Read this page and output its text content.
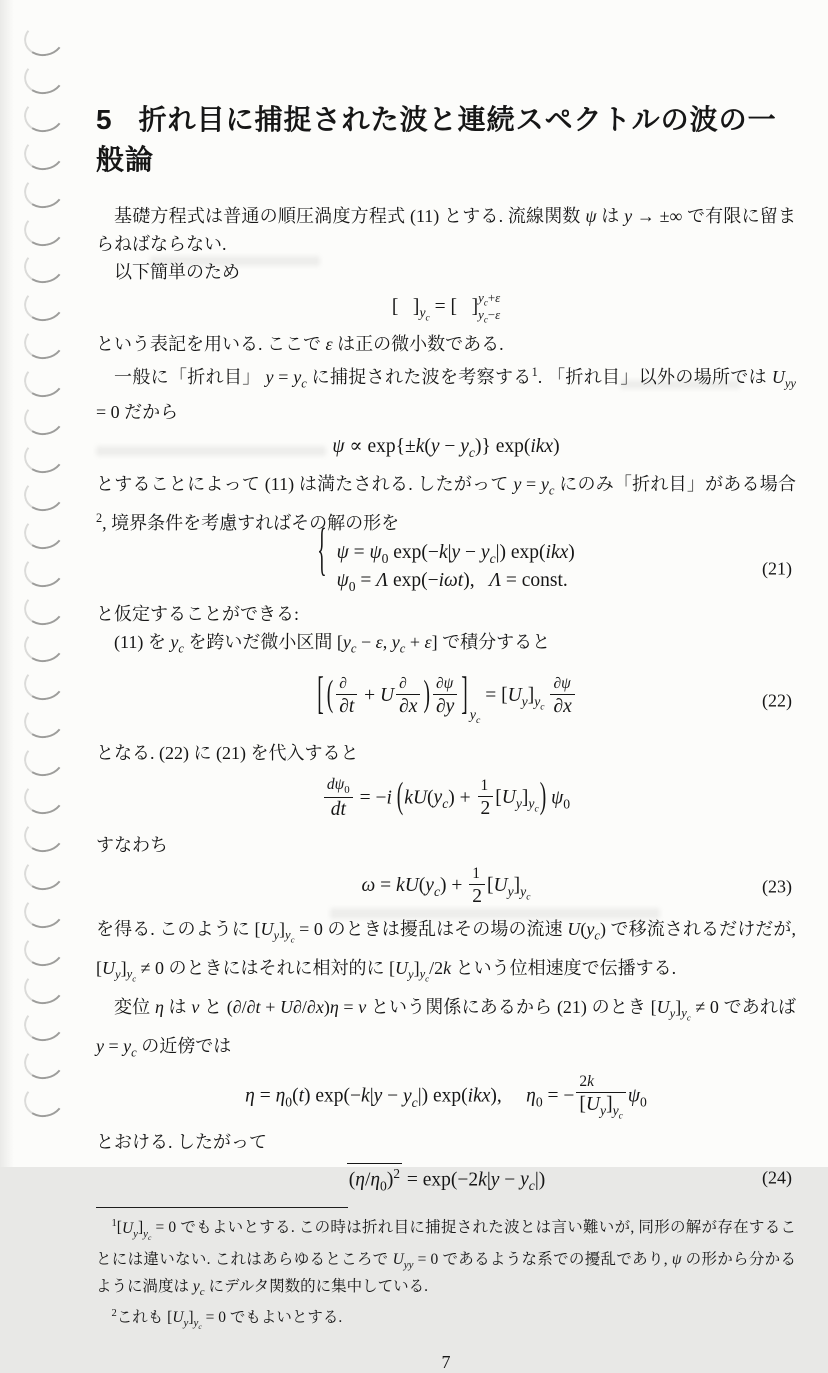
5 折れ目に捕捉された波と連続スペクトルの波の一般論

基礎方程式は普通の順圧渦度方程式 (11) とする. 流線関数 ψ は y → ±∞ で有限に留まらねばならない.

以下簡単のため

[   ]$_{y_c}$ = [   ] $y_c+\varepsilon$
$y_c-\varepsilon$

という表記を用いる. ここで ε は正の微小数である.

一般に「折れ目」 $y = y_c$ に捕捉された波を考察する$^1$. 「折れ目」以外の場所では $U_{yy} = 0$ だから

$\psi \propto \exp\{\pm k(y - y_c)\}$ exp(ikx)

とすることによって (11) は満たされる. したがって $y = y_c$ にのみ「折れ目」がある場合$^2$, 境界条件を考慮すればその解の形を

{ $\psi = \psi_0$ $\exp(-k|y - y_c|)$ exp(ikx)
$\psi_0 = \Lambda$ exp(−iωt),   Λ = const.
(21)

と仮定することができる:

(11) を $y_c$ を跨いだ微小区間 [$y_c - \varepsilon$, $y_c + \varepsilon$] で積分すると

[ ( $\frac{\partial}{\partial t} + U \frac{\partial}{\partial x}$ ) $\frac{\partial\psi}{\partial y}$ ] $y_c = [U_y]_{y_c} \frac{\partial\psi}{\partial x}$	(22)

となる. (22) に (21) を代入すると

$\frac{d\psi_0}{dt} = -i$  $(kU(y_c) + \frac{1}{2} [U_y]_{y_c})$  $\psi_0$

すなわち

$\omega = kU(y_c) + \frac{1}{2} [U_y]_{y_c}$
(23)

を得る. このように $[U_y]_{y_c} = 0$ のときは擾乱はその場の流速 $U(y_c)$ で移流されるだけだが, $[U_y]_{y_c} \ne 0$ のときにはそれに相対的に $[U_y]_{y_c}/2k$ という位相速度で伝播する.

変位 η は v と (∂/∂t + U∂/∂x)η = v という関係にあるから (21) のとき $[U_y]_{y_c} \ne 0$ であれば $y = y_c$ の近傍では

$\eta = \eta_0(t) \exp(-k|y - y_c|)$ exp(ikx),     $\eta_0$ = − $\frac{2k}{[U_y]_{y_c}} \psi_0$

とおける. したがって

$(\eta/\eta_0)^2 = \exp(-2k|y - y_c|)$	(24)

$^1[U_y]_{y_c} = 0$ でもよいとする. この時は折れ目に捕捉された波とは言い難いが, 同形の解が存在することには違いない. これはあらゆるところで $U_{yy} = 0$ であるような系での擾乱であり, ψ の形から分かるように渦度は $y_c$ にデルタ関数的に集中している.

$^2$これも $[U_y]_{y_c} = 0$ でもよいとする.

7
